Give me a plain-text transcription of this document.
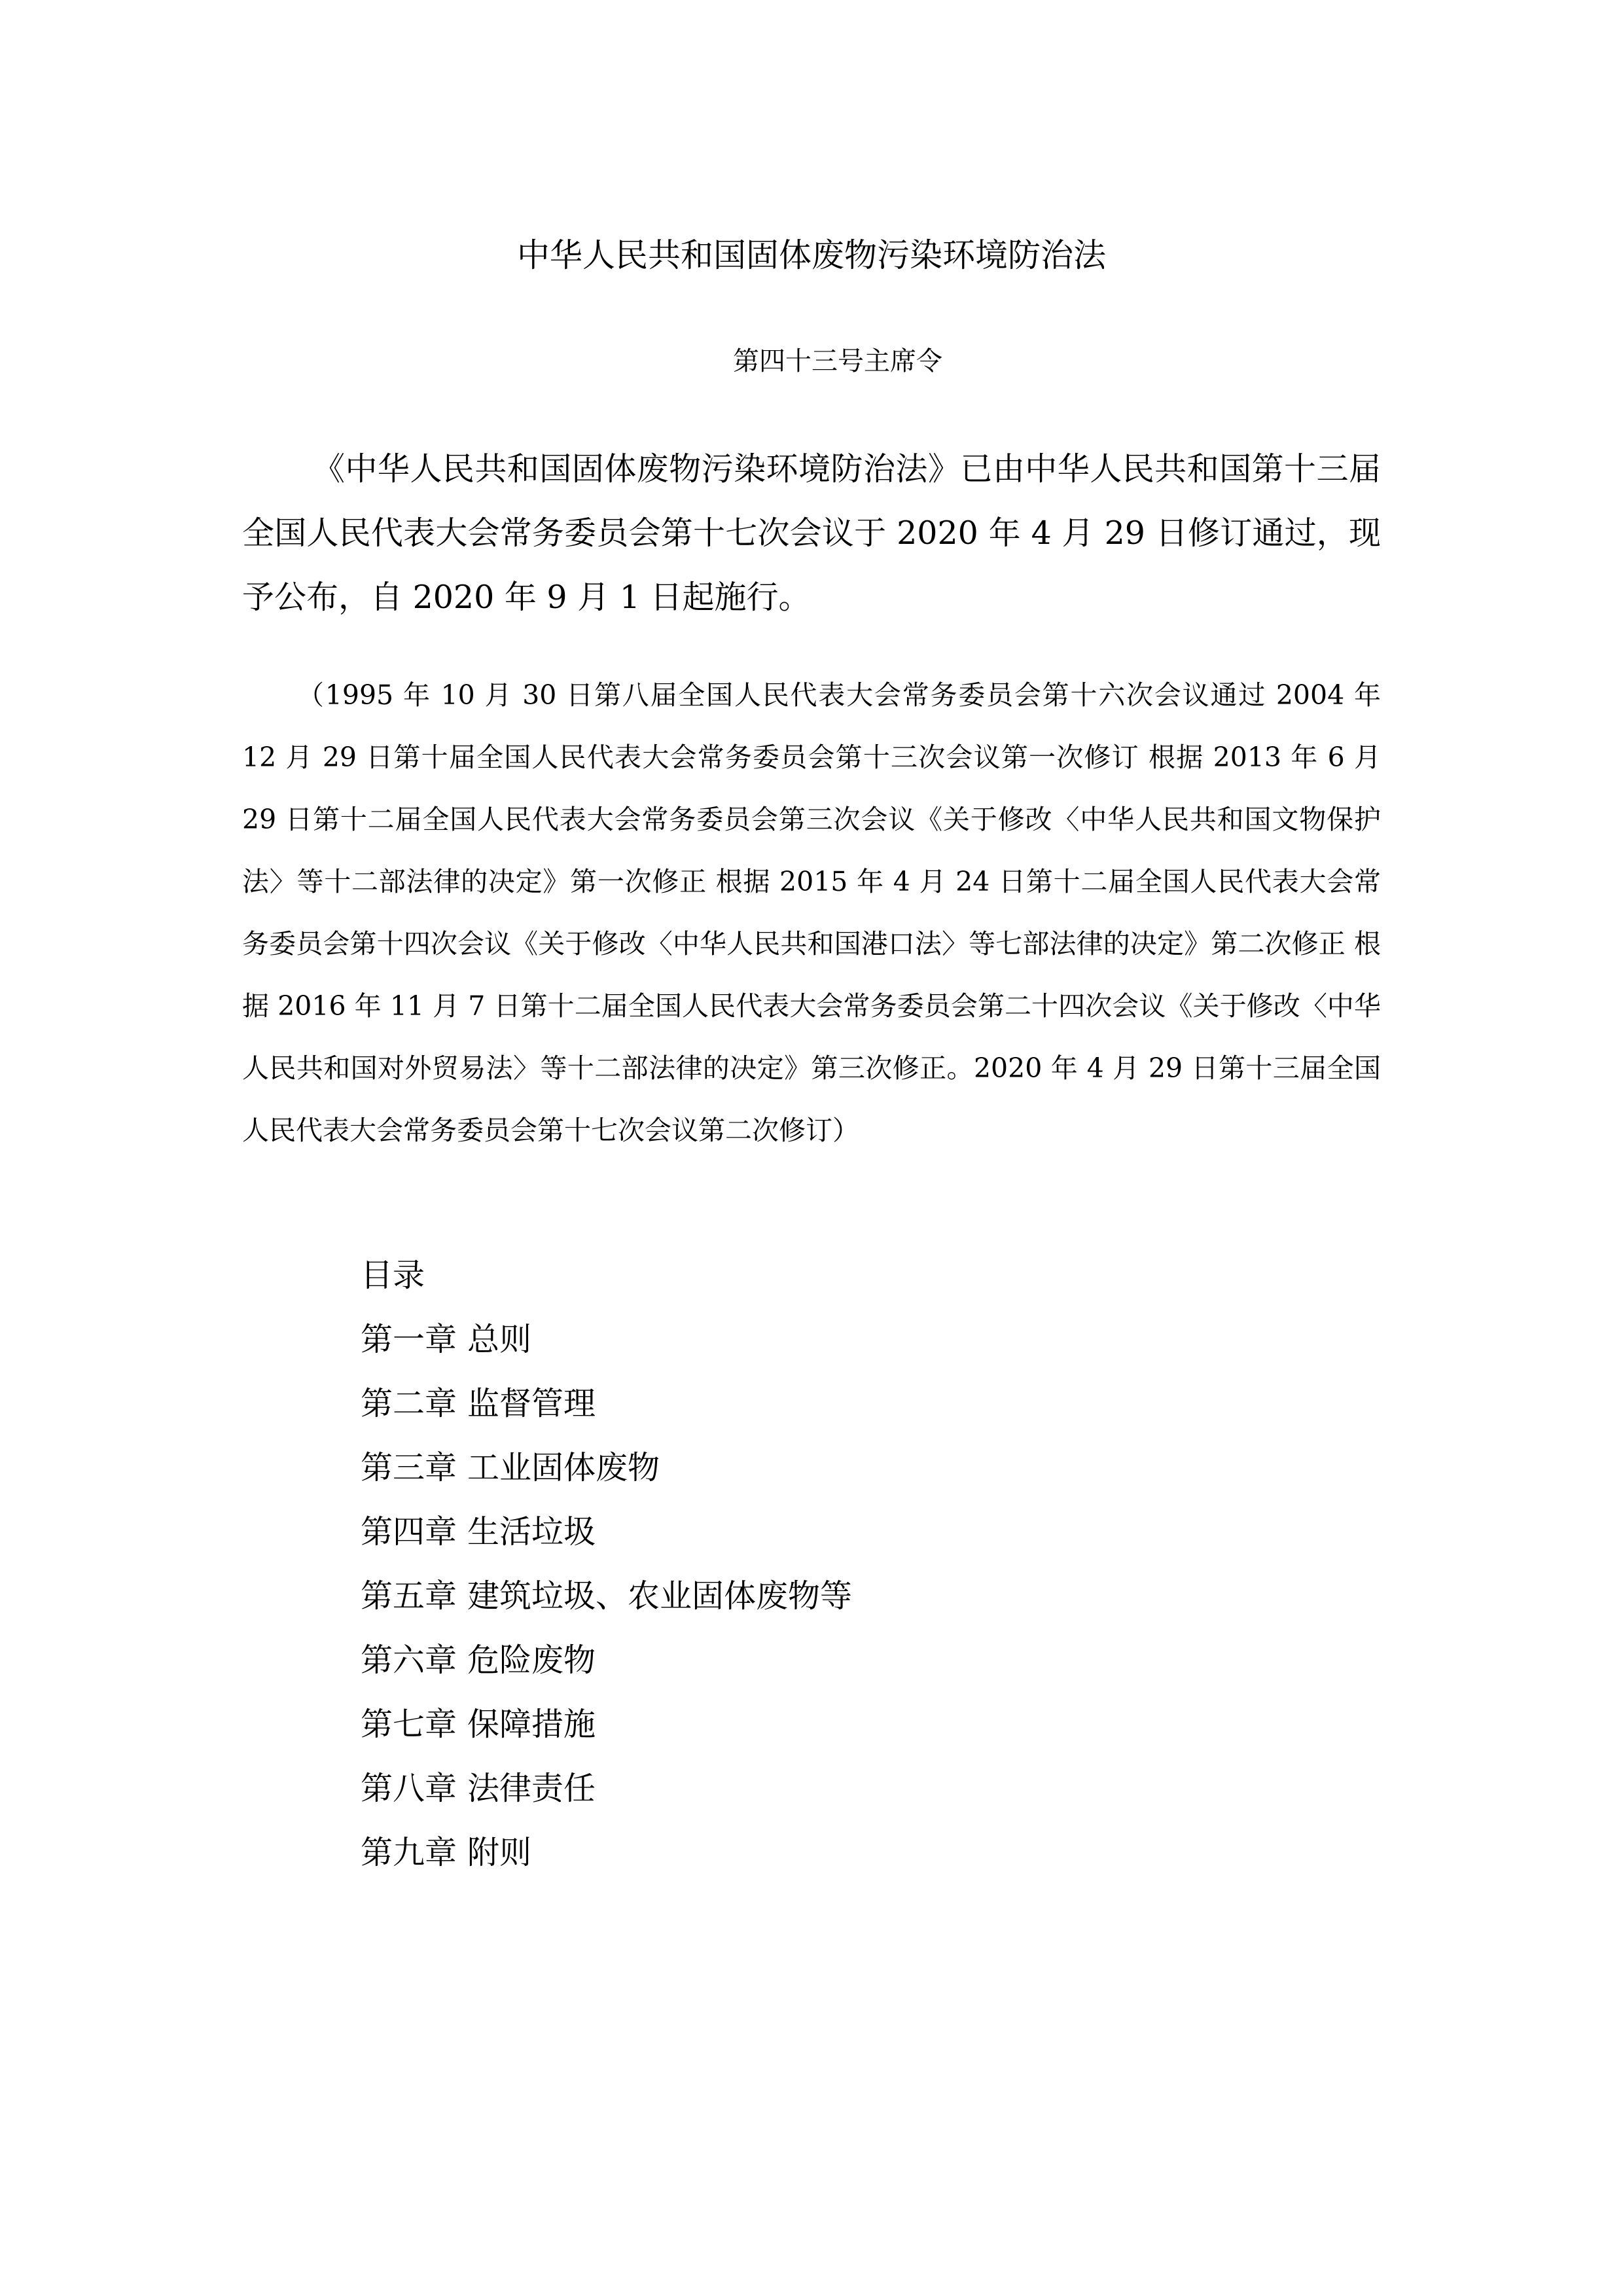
中华人民共和国固体废物污染环境防治法

第四十三号主席令

《中华人民共和国固体废物污染环境防治法》已由中华人民共和国第十三届全国人民代表大会常务委员会第十七次会议于 2020 年 4 月 29 日修订通过，现予公布，自 2020 年 9 月 1 日起施行。

（1995 年 10 月 30 日第八届全国人民代表大会常务委员会第十六次会议通过 2004 年 12 月 29 日第十届全国人民代表大会常务委员会第十三次会议第一次修订 根据 2013 年 6 月 29 日第十二届全国人民代表大会常务委员会第三次会议《关于修改〈中华人民共和国文物保护法〉等十二部法律的决定》第一次修正 根据 2015 年 4 月 24 日第十二届全国人民代表大会常务委员会第十四次会议《关于修改〈中华人民共和国港口法〉等七部法律的决定》第二次修正 根据 2016 年 11 月 7 日第十二届全国人民代表大会常务委员会第二十四次会议《关于修改〈中华人民共和国对外贸易法〉等十二部法律的决定》第三次修正。2020 年 4 月 29 日第十三届全国人民代表大会常务委员会第十七次会议第二次修订）

目录
第一章 总则
第二章 监督管理
第三章 工业固体废物
第四章 生活垃圾
第五章 建筑垃圾、农业固体废物等
第六章 危险废物
第七章 保障措施
第八章 法律责任
第九章 附则
